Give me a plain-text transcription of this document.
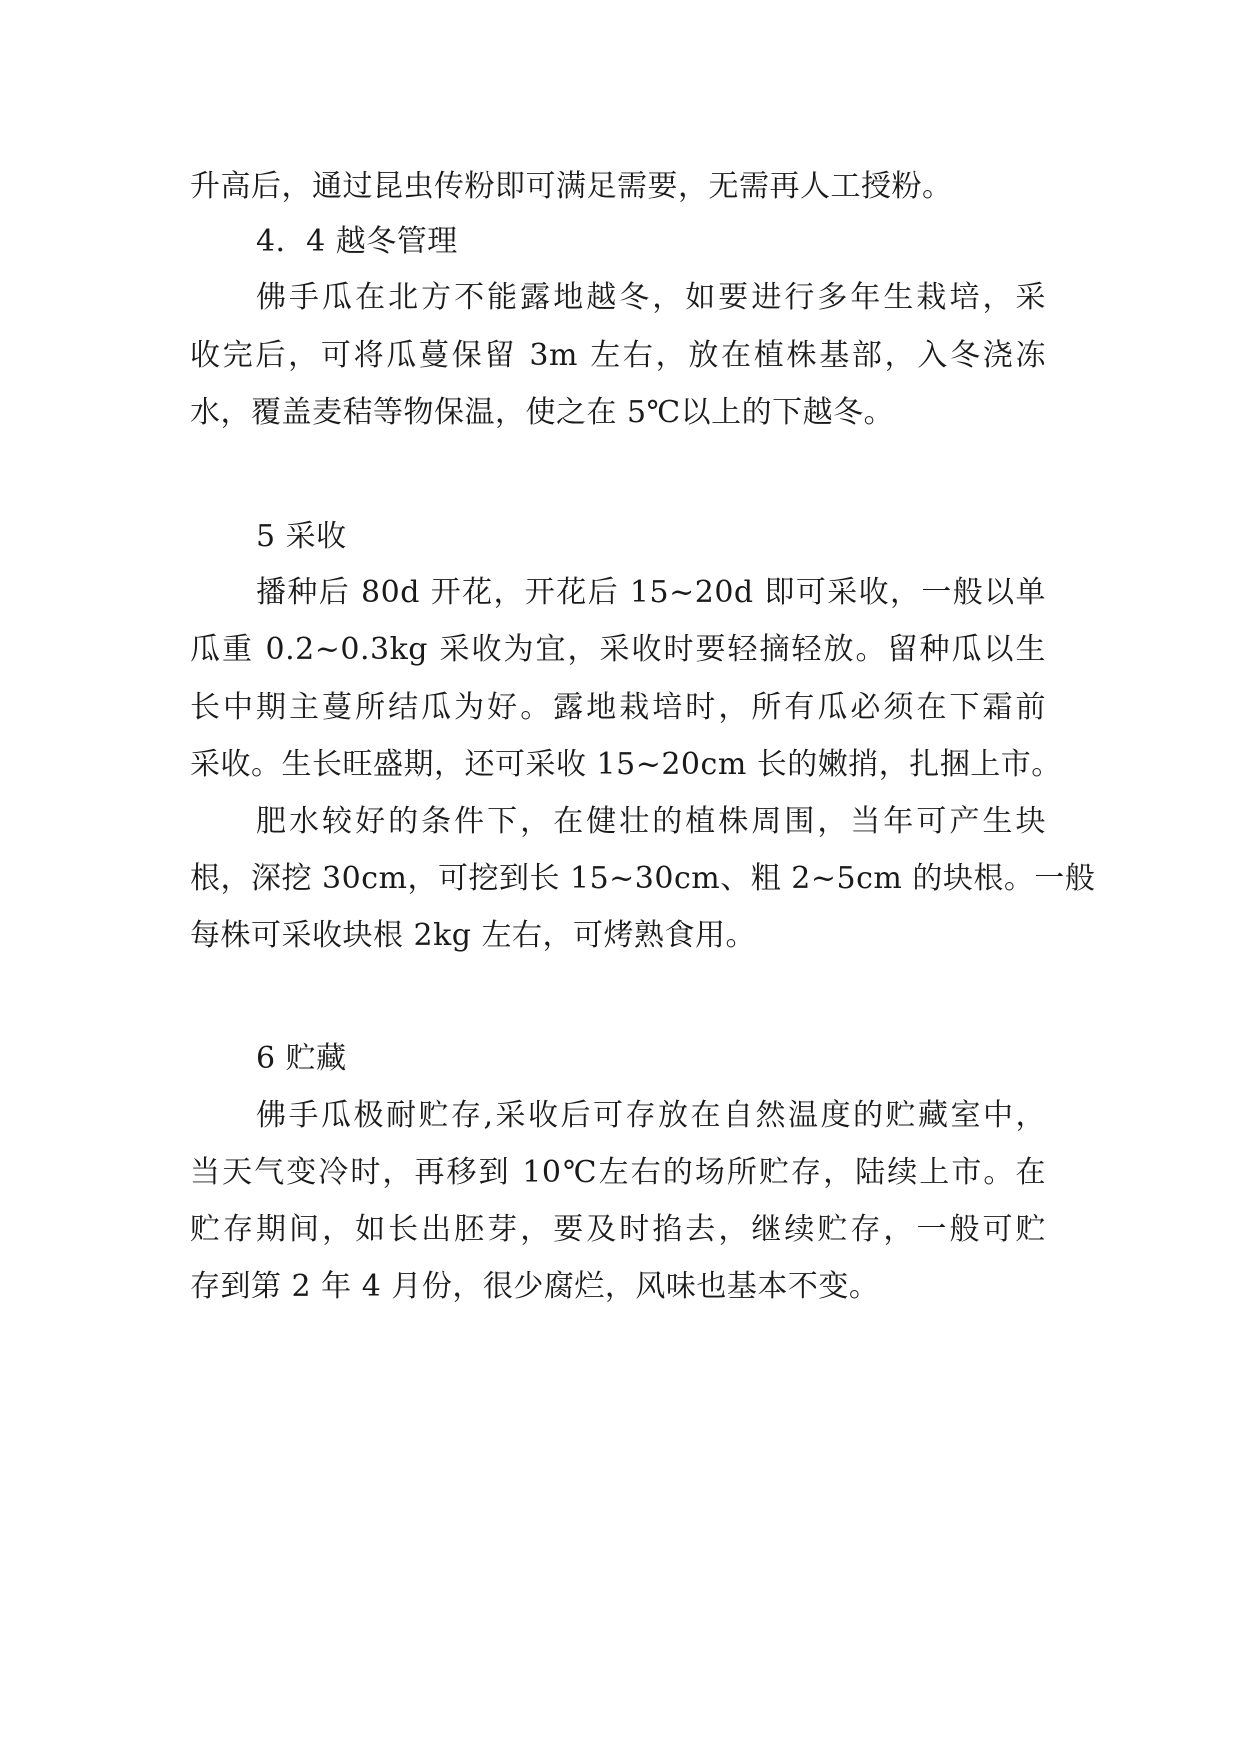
升高后，通过昆虫传粉即可满足需要，无需再人工授粉。
4．4 越冬管理
佛手瓜在北方不能露地越冬，如要进行多年生栽培，采
收完后，可将瓜蔓保留 3m 左右，放在植株基部，入冬浇冻
水，覆盖麦秸等物保温，使之在 5℃以上的下越冬。
5 采收
播种后 80d 开花，开花后 15~20d 即可采收，一般以单
瓜重 0.2~0.3kg 采收为宜，采收时要轻摘轻放。留种瓜以生
长中期主蔓所结瓜为好。露地栽培时，所有瓜必须在下霜前
采收。生长旺盛期，还可采收 15~20cm 长的嫩捎，扎捆上市。
肥水较好的条件下，在健壮的植株周围，当年可产生块
根，深挖 30cm，可挖到长 15~30cm、粗 2~5cm 的块根。一般
每株可采收块根 2kg 左右，可烤熟食用。
6 贮藏
佛手瓜极耐贮存,采收后可存放在自然温度的贮藏室中，
当天气变冷时，再移到 10℃左右的场所贮存，陆续上市。在
贮存期间，如长出胚芽，要及时掐去，继续贮存，一般可贮
存到第 2 年 4 月份，很少腐烂，风味也基本不变。
